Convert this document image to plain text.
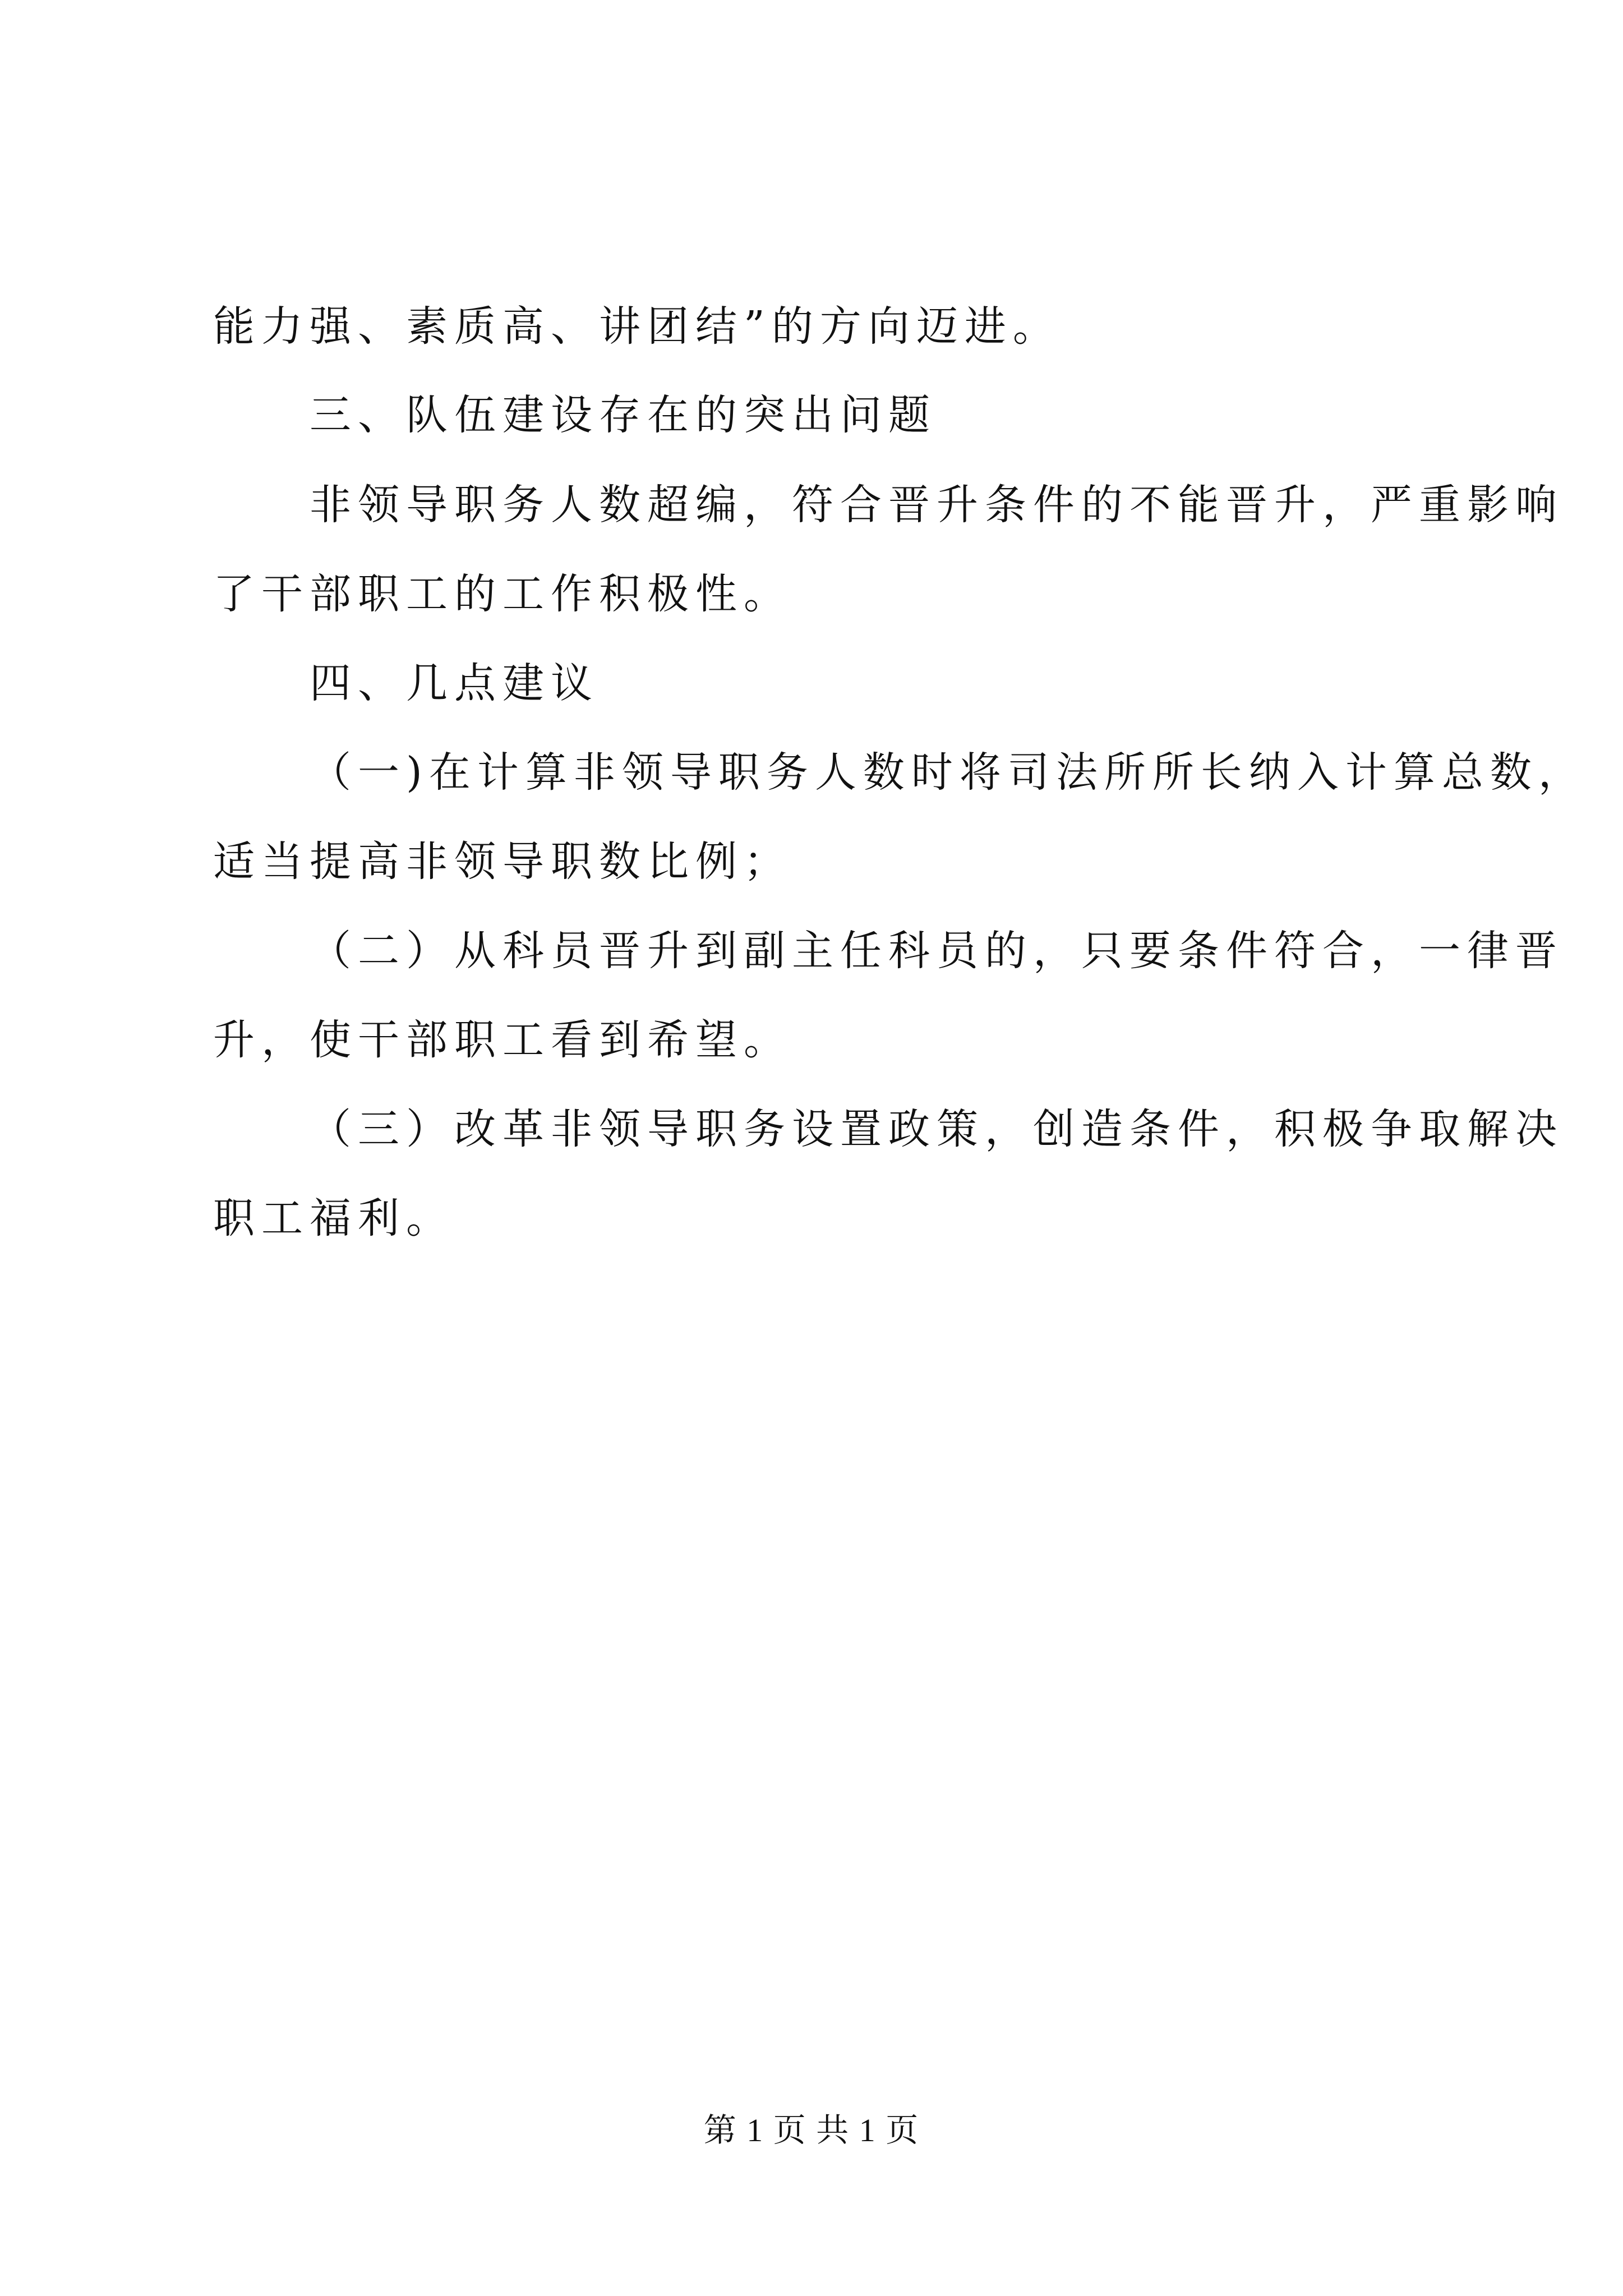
能力强、素质高、讲团结”的方向迈进。
三、队伍建设存在的突出问题
非领导职务人数超编，符合晋升条件的不能晋升，严重影响
了干部职工的工作积极性。
四、几点建议
（一)在计算非领导职务人数时将司法所所长纳入计算总数，
适当提高非领导职数比例；
（二）从科员晋升到副主任科员的，只要条件符合，一律晋
升，使干部职工看到希望。
（三）改革非领导职务设置政策，创造条件，积极争取解决
职工福利。
第 1 页 共 1 页
